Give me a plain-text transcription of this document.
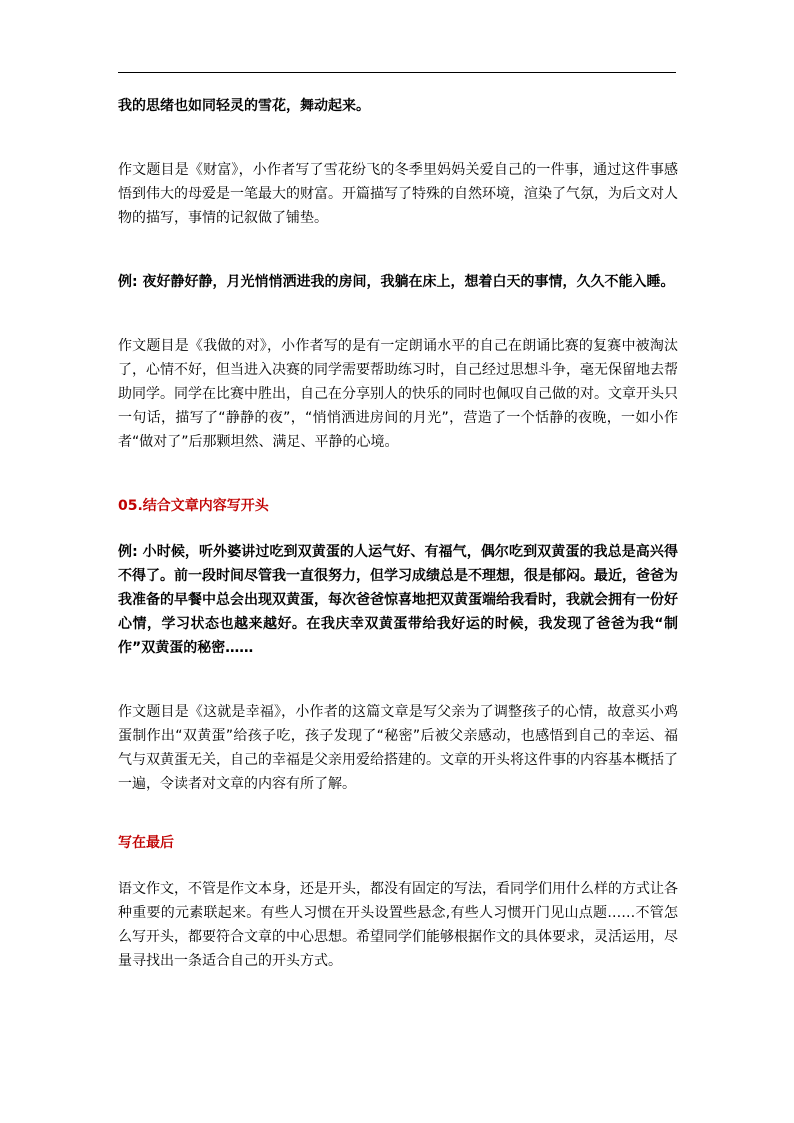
我的思绪也如同轻灵的雪花，舞动起来。

作文题目是《财富》，小作者写了雪花纷飞的冬季里妈妈关爱自己的一件事，通过这件事感悟到伟大的母爱是一笔最大的财富。开篇描写了特殊的自然环境，渲染了气氛，为后文对人物的描写，事情的记叙做了铺垫。

例: 夜好静好静，月光悄悄洒进我的房间，我躺在床上，想着白天的事情，久久不能入睡。

作文题目是《我做的对》，小作者写的是有一定朗诵水平的自己在朗诵比赛的复赛中被淘汰了，心情不好，但当进入决赛的同学需要帮助练习时，自己经过思想斗争，毫无保留地去帮助同学。同学在比赛中胜出，自己在分享别人的快乐的同时也佩叹自己做的对。文章开头只一句话，描写了“静静的夜”，“悄悄洒进房间的月光”，营造了一个恬静的夜晚，一如小作者“做对了”后那颗坦然、满足、平静的心境。

05.结合文章内容写开头

例: 小时候，听外婆讲过吃到双黄蛋的人运气好、有福气，偶尔吃到双黄蛋的我总是高兴得不得了。前一段时间尽管我一直很努力，但学习成绩总是不理想，很是郁闷。最近，爸爸为我准备的早餐中总会出现双黄蛋，每次爸爸惊喜地把双黄蛋端给我看时，我就会拥有一份好心情，学习状态也越来越好。在我庆幸双黄蛋带给我好运的时候，我发现了爸爸为我“制作”双黄蛋的秘密……

作文题目是《这就是幸福》，小作者的这篇文章是写父亲为了调整孩子的心情，故意买小鸡蛋制作出“双黄蛋”给孩子吃，孩子发现了“秘密”后被父亲感动，也感悟到自己的幸运、福气与双黄蛋无关，自己的幸福是父亲用爱给搭建的。文章的开头将这件事的内容基本概括了一遍，令读者对文章的内容有所了解。

写在最后

语文作文，不管是作文本身，还是开头，都没有固定的写法，看同学们用什么样的方式让各种重要的元素联起来。有些人习惯在开头设置些悬念,有些人习惯开门见山点题……不管怎么写开头，都要符合文章的中心思想。希望同学们能够根据作文的具体要求，灵活运用，尽量寻找出一条适合自己的开头方式。
